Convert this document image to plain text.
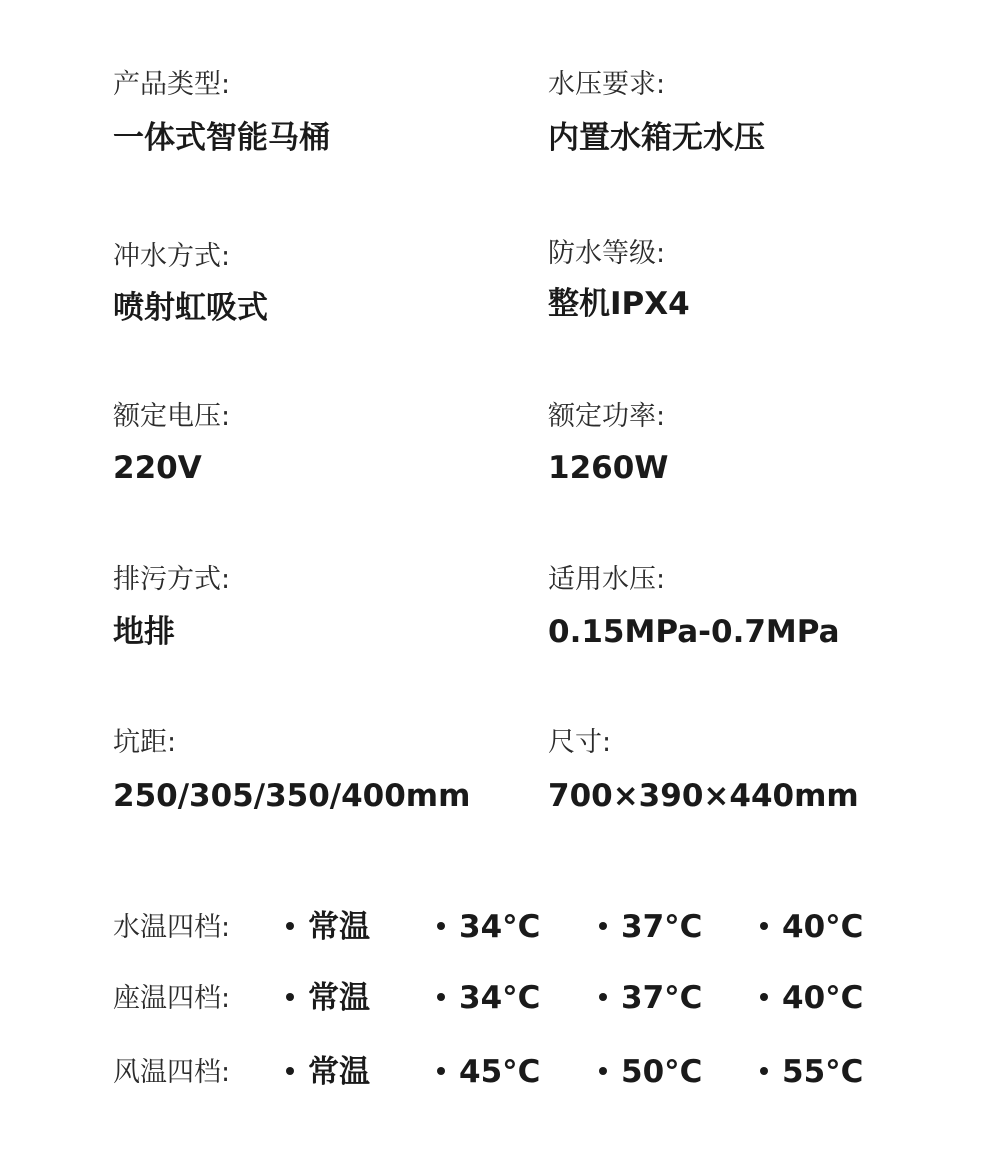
产品类型:
一体式智能马桶
水压要求:
内置水箱无水压
冲水方式:
喷射虹吸式
防水等级:
整机IPX4
额定电压:
220V
额定功率:
1260W
排污方式:
地排
适用水压:
0.15MPa-0.7MPa
坑距:
250/305/350/400mm
尺寸:
700×390×440mm
水温四档:	常温	34°C	37°C	40°C
座温四档:	常温	34°C	37°C	40°C
风温四档:	常温	45°C	50°C	55°C
